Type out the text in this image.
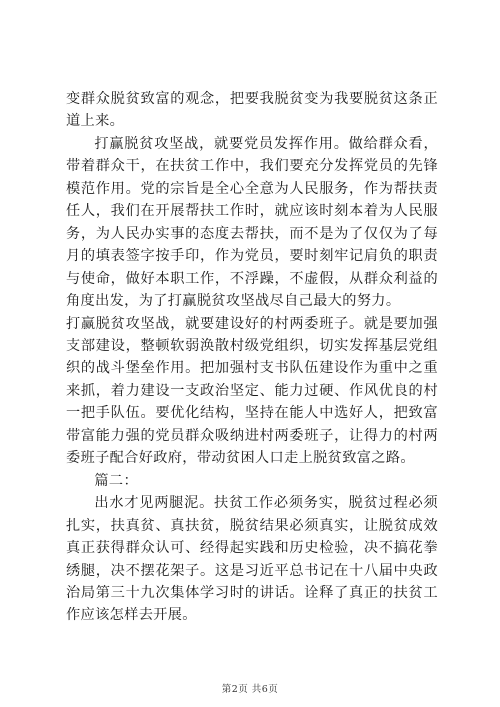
变群众脱贫致富的观念，把要我脱贫变为我要脱贫这条正道上来。

打赢脱贫攻坚战，就要党员发挥作用。做给群众看，带着群众干，在扶贫工作中，我们要充分发挥党员的先锋模范作用。党的宗旨是全心全意为人民服务，作为帮扶责任人，我们在开展帮扶工作时，就应该时刻本着为人民服务，为人民办实事的态度去帮扶，而不是为了仅仅为了每月的填表签字按手印，作为党员，要时刻牢记肩负的职责与使命，做好本职工作，不浮躁，不虚假，从群众利益的角度出发，为了打赢脱贫攻坚战尽自己最大的努力。

打赢脱贫攻坚战，就要建设好的村两委班子。就是要加强支部建设，整顿软弱涣散村级党组织，切实发挥基层党组织的战斗堡垒作用。把加强村支书队伍建设作为重中之重来抓，着力建设一支政治坚定、能力过硬、作风优良的村一把手队伍。要优化结构，坚持在能人中选好人，把致富带富能力强的党员群众吸纳进村两委班子，让得力的村两委班子配合好政府，带动贫困人口走上脱贫致富之路。

篇二：

出水才见两腿泥。扶贫工作必须务实，脱贫过程必须扎实，扶真贫、真扶贫，脱贫结果必须真实，让脱贫成效真正获得群众认可、经得起实践和历史检验，决不搞花拳绣腿，决不摆花架子。这是习近平总书记在十八届中央政治局第三十九次集体学习时的讲话。诠释了真正的扶贫工作应该怎样去开展。

第2页 共6页
